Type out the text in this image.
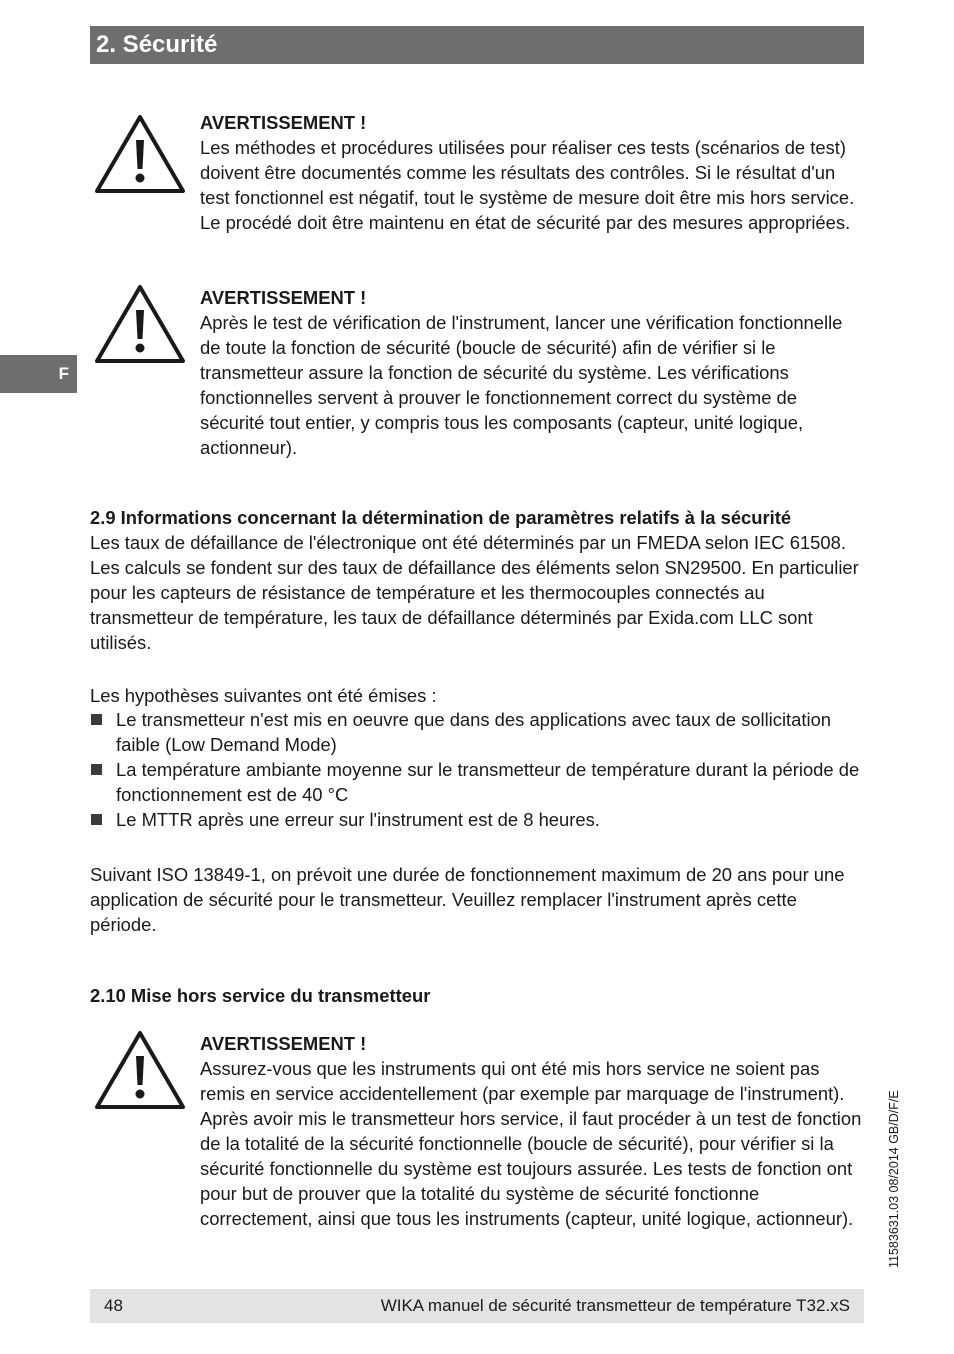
2. Sécurité
F
AVERTISSEMENT !

Les méthodes et procédures utilisées pour réaliser ces tests (scénarios de test) doivent être documentés comme les résultats des contrôles. Si le résultat d'un test fonctionnel est négatif, tout le système de mesure doit être mis hors service. Le procédé doit être maintenu en état de sécurité par des mesures appropriées.

AVERTISSEMENT !

Après le test de vérification de l'instrument, lancer une vérification fonctionnelle de toute la fonction de sécurité (boucle de sécurité) afin de vérifier si le transmetteur assure la fonction de sécurité du système. Les vérifications fonctionnelles servent à prouver le fonctionnement correct du système de sécurité tout entier, y compris tous les composants (capteur, unité logique, actionneur).

2.9 Informations concernant la détermination de paramètres relatifs à la sécurité

Les taux de défaillance de l'électronique ont été déterminés par un FMEDA selon IEC 61508. Les calculs se fondent sur des taux de défaillance des éléments selon SN29500. En particulier pour les capteurs de résistance de température et les thermocouples connectés au transmetteur de température, les taux de défaillance déterminés par Exida.com LLC sont utilisés.

Les hypothèses suivantes ont été émises :

Le transmetteur n'est mis en oeuvre que dans des applications avec taux de sollicitation faible (Low Demand Mode)
La température ambiante moyenne sur le transmetteur de température durant la période de fonctionnement est de 40 °C
Le MTTR après une erreur sur l'instrument est de 8 heures.

Suivant ISO 13849-1, on prévoit une durée de fonctionnement maximum de 20 ans pour une application de sécurité pour le transmetteur. Veuillez remplacer l'instrument après cette période.

2.10 Mise hors service du transmetteur
AVERTISSEMENT !

Assurez-vous que les instruments qui ont été mis hors service ne soient pas remis en service accidentellement (par exemple par marquage de l'instrument). Après avoir mis le transmetteur hors service, il faut procéder à un test de fonction de la totalité de la sécurité fonctionnelle (boucle de sécurité), pour vérifier si la sécurité fonctionnelle du système est toujours assurée. Les tests de fonction ont pour but de prouver que la totalité du système de sécurité fonctionne correctement, ainsi que tous les instruments (capteur, unité logique, actionneur).	11583631.03 08/2014 GB/D/F/E
48	WIKA manuel de sécurité transmetteur de température T32.xS
